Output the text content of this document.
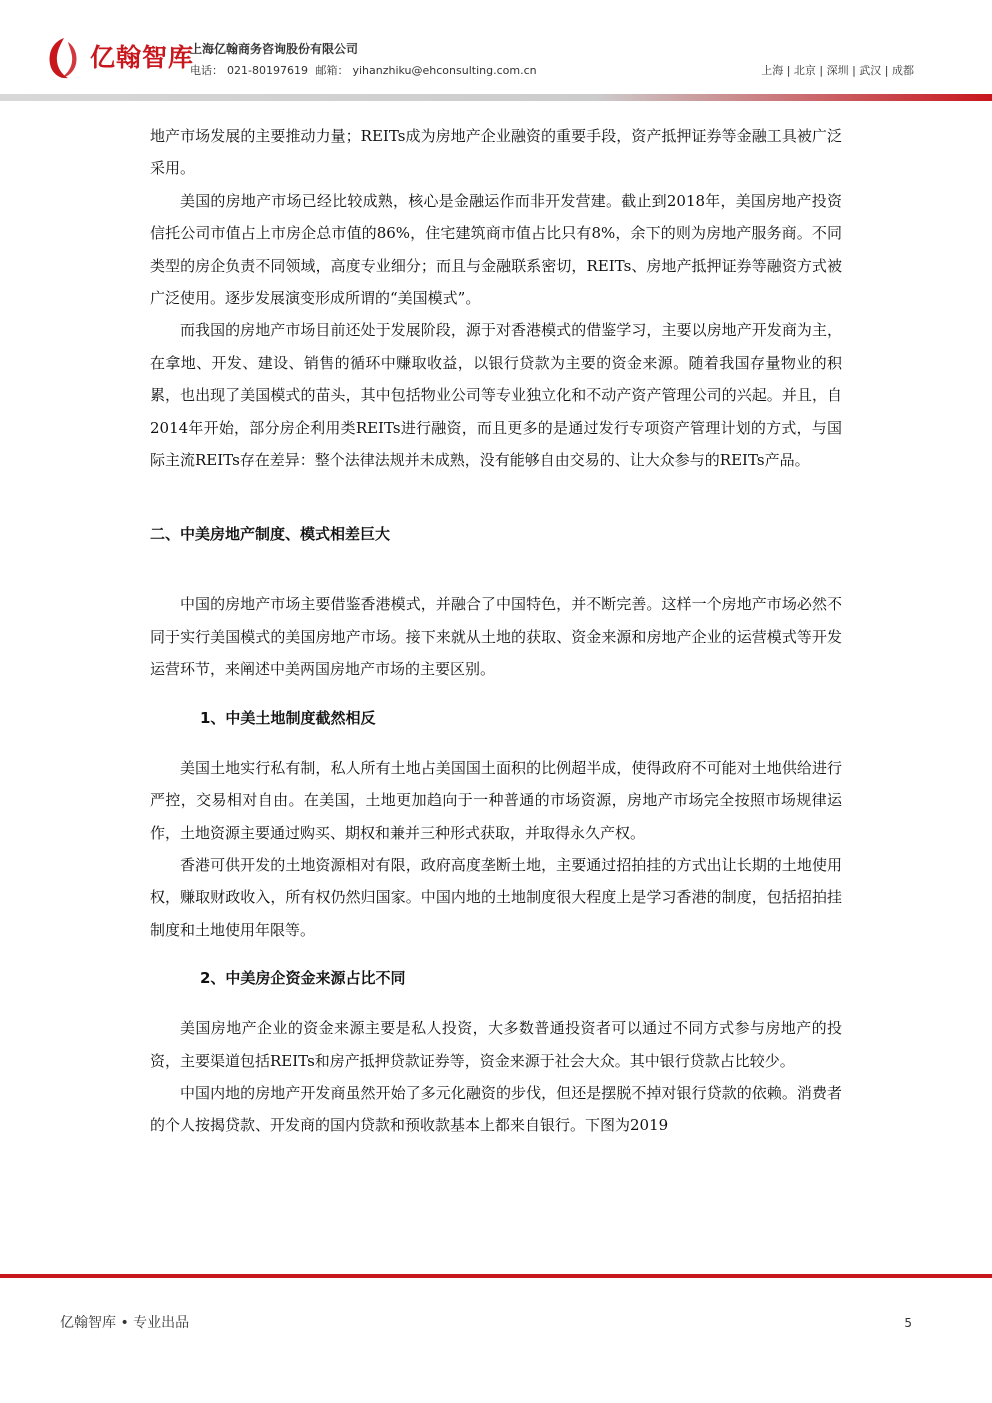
亿翰智库
上海亿翰商务咨询股份有限公司
电话： 021-80197619 邮箱： yihanzhiku@ehconsulting.com.cn	上海 | 北京 | 深圳 | 武汉 | 成都

地产市场发展的主要推动力量；REITs成为房地产企业融资的重要手段，资产抵押证券等金融工具被广泛采用。

美国的房地产市场已经比较成熟，核心是金融运作而非开发营建。截止到2018年，美国房地产投资信托公司市值占上市房企总市值的86%，住宅建筑商市值占比只有8%，余下的则为房地产服务商。不同类型的房企负责不同领域，高度专业细分；而且与金融联系密切，REITs、房地产抵押证券等融资方式被广泛使用。逐步发展演变形成所谓的“美国模式”。

而我国的房地产市场目前还处于发展阶段，源于对香港模式的借鉴学习，主要以房地产开发商为主，在拿地、开发、建设、销售的循环中赚取收益，以银行贷款为主要的资金来源。随着我国存量物业的积累，也出现了美国模式的苗头，其中包括物业公司等专业独立化和不动产资产管理公司的兴起。并且，自2014年开始，部分房企利用类REITs进行融资，而且更多的是通过发行专项资产管理计划的方式，与国际主流REITs存在差异：整个法律法规并未成熟，没有能够自由交易的、让大众参与的REITs产品。

二、中美房地产制度、模式相差巨大

中国的房地产市场主要借鉴香港模式，并融合了中国特色，并不断完善。这样一个房地产市场必然不同于实行美国模式的美国房地产市场。接下来就从土地的获取、资金来源和房地产企业的运营模式等开发运营环节，来阐述中美两国房地产市场的主要区别。

1、中美土地制度截然相反

美国土地实行私有制，私人所有土地占美国国土面积的比例超半成，使得政府不可能对土地供给进行严控，交易相对自由。在美国，土地更加趋向于一种普通的市场资源，房地产市场完全按照市场规律运作，土地资源主要通过购买、期权和兼并三种形式获取，并取得永久产权。

香港可供开发的土地资源相对有限，政府高度垄断土地，主要通过招拍挂的方式出让长期的土地使用权，赚取财政收入，所有权仍然归国家。中国内地的土地制度很大程度上是学习香港的制度，包括招拍挂制度和土地使用年限等。

2、中美房企资金来源占比不同

美国房地产企业的资金来源主要是私人投资，大多数普通投资者可以通过不同方式参与房地产的投资，主要渠道包括REITs和房产抵押贷款证券等，资金来源于社会大众。其中银行贷款占比较少。

中国内地的房地产开发商虽然开始了多元化融资的步伐，但还是摆脱不掉对银行贷款的依赖。消费者的个人按揭贷款、开发商的国内贷款和预收款基本上都来自银行。下图为2019

亿翰智库 • 专业出品	5
